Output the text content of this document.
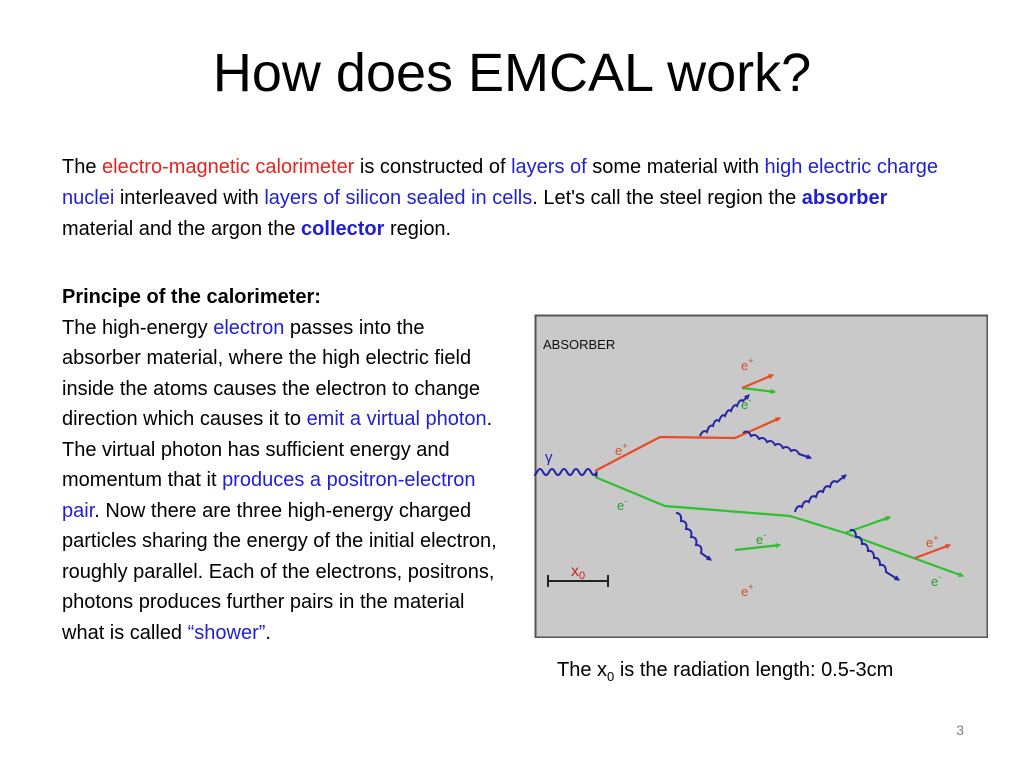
How does EMCAL work?
The electro-magnetic calorimeter is constructed of layers of some material with high electric charge nuclei interleaved with layers of silicon sealed in cells. Let's call the steel region the absorber material and the argon the collector region.
Principe of the calorimeter:
The high-energy electron passes into the absorber material, where the high electric field inside the atoms causes the electron to change direction which causes it to emit a virtual photon. The virtual photon has sufficient energy and momentum that it produces a positron-electron pair. Now there are three high-energy charged particles sharing the energy of the initial electron, roughly parallel. Each of the electrons, positrons, photons produces further pairs in the material what is called “shower”.
ABSORBER
γ
e+
e-
e+
e-
e-
e+
e+
e-
x0
The $x_0$ is the radiation length: 0.5-3cm
3
